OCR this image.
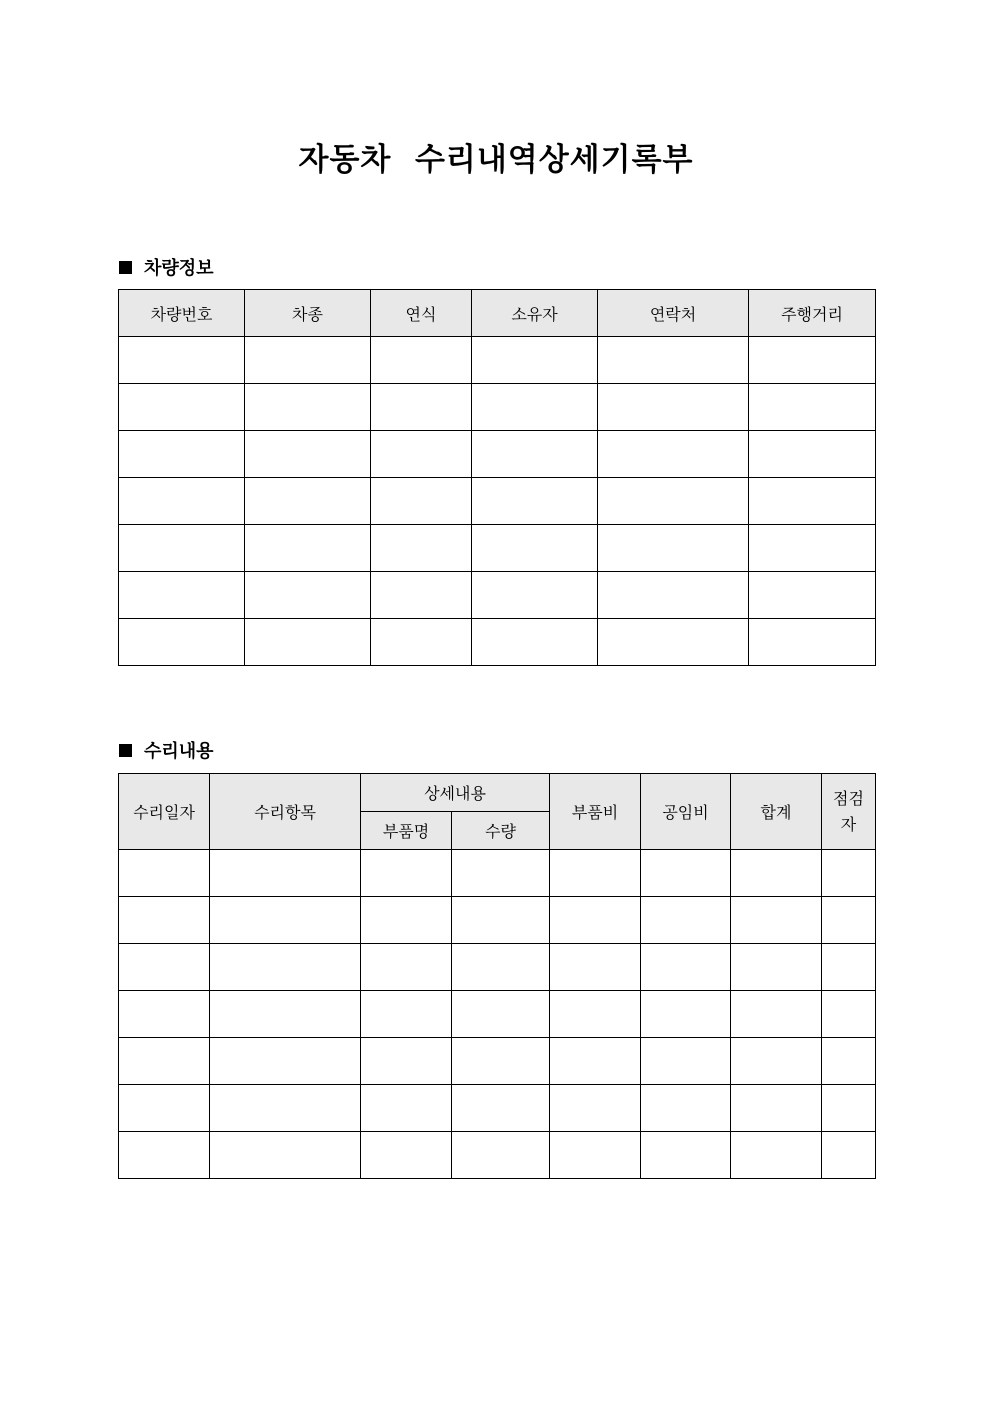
자동차  수리내역상세기록부
차량정보
차량번호	차종	연식	소유자	연락처	주행거리

수리내용
수리일자	수리항목	상세내용		부품비	공임비	합계	점검자
		부품명	수량				
